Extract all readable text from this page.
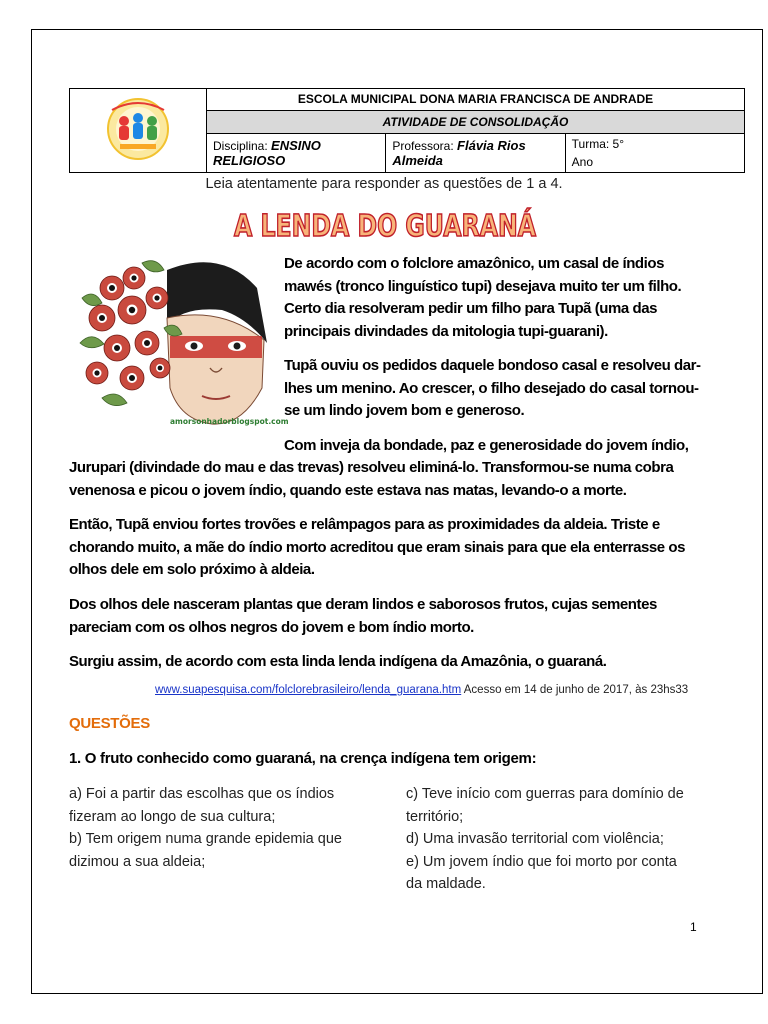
	ESCOLA MUNICIPAL DONA MARIA FRANCISCA DE ANDRADE		
	ATIVIDADE DE CONSOLIDAÇÃO		
	Disciplina: ENSINO RELIGIOSO	Professora: Flávia Rios Almeida	Turma: 5°
Ano
Leia atentamente para responder as questões de 1 a 4.
A LENDA DO GUARANÁ
amorsonhadorblogspot.com
De acordo com o folclore amazônico, um casal de índios
mawés (tronco linguístico tupi) desejava muito ter um filho.
Certo dia resolveram pedir um filho para Tupã (uma das
principais divindades da mitologia tupi-guarani).
Tupã ouviu os pedidos daquele bondoso casal e resolveu dar-
lhes um menino. Ao crescer, o filho desejado do casal tornou-
se um lindo jovem bom e generoso.
Com inveja da bondade, paz e generosidade do jovem índio,
Jurupari (divindade do mau e das trevas) resolveu eliminá-lo. Transformou-se numa cobra
venenosa e picou o jovem índio, quando este estava nas matas, levando-o a morte.
Então, Tupã enviou fortes trovões e relâmpagos para as proximidades da aldeia. Triste e
chorando muito, a mãe do índio morto acreditou que eram sinais para que ela enterrasse os
olhos dele em solo próximo à aldeia.
Dos olhos dele nasceram plantas que deram lindos e saborosos frutos, cujas sementes
pareciam com os olhos negros do jovem e bom índio morto.
Surgiu assim, de acordo com esta linda lenda indígena da Amazônia, o guaraná.
www.suapesquisa.com/folclorebrasileiro/lenda_guarana.htm Acesso em 14 de junho de 2017, às 23hs33
QUESTÕES
1. O fruto conhecido como guaraná, na crença indígena tem origem:
a) Foi a partir das escolhas que os índios
fizeram ao longo de sua cultura;
b) Tem origem numa grande epidemia que
dizimou a sua aldeia;
c) Teve início com guerras para domínio de
território;
d) Uma invasão territorial com violência;
e) Um jovem índio que foi morto por conta
da maldade.
1
